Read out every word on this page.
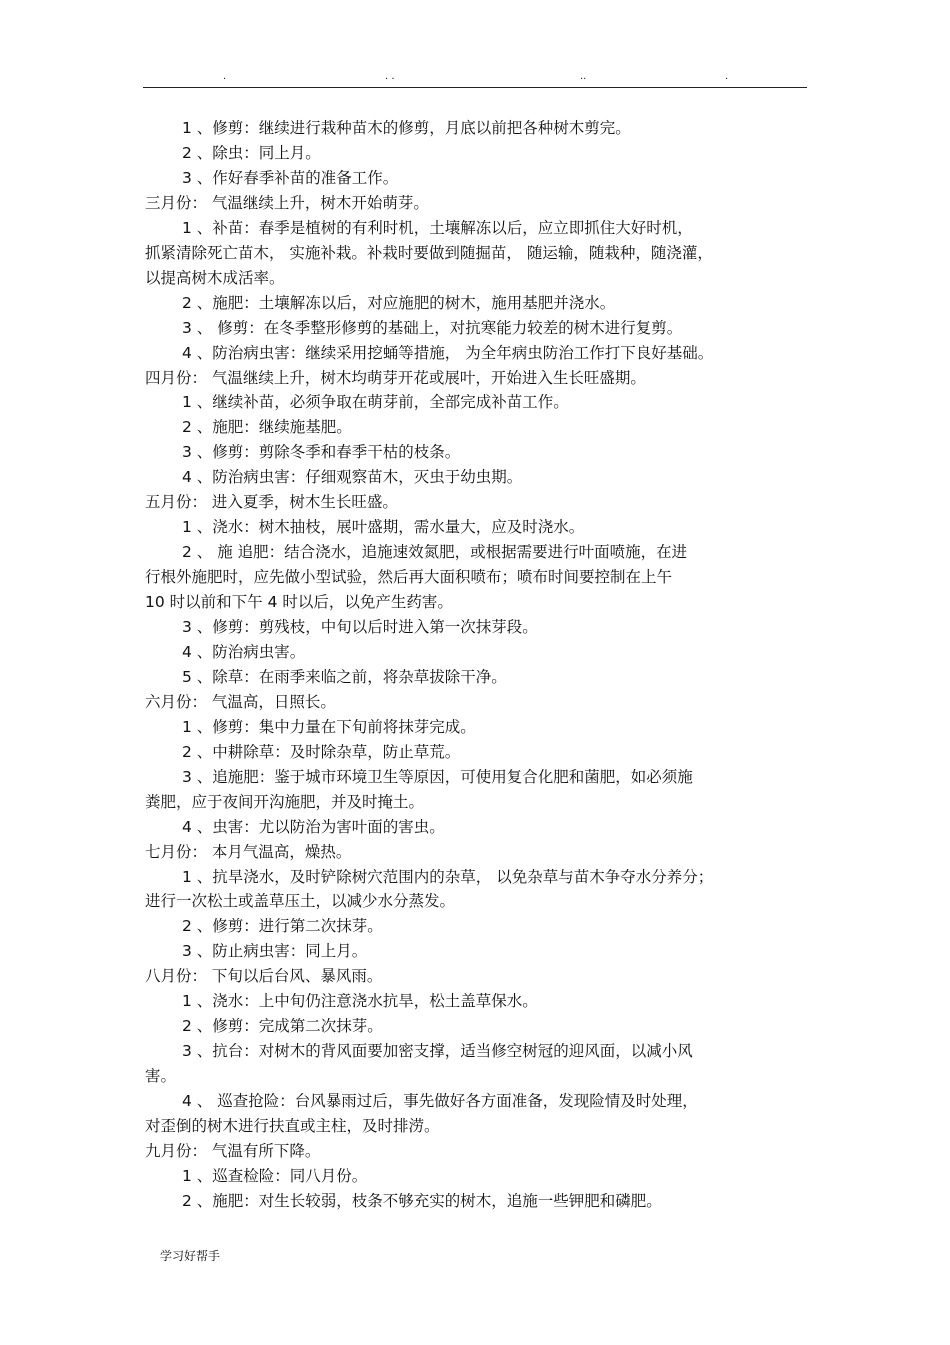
.	. .	..	.
1 、修剪：继续进行栽种苗木的修剪，月底以前把各种树木剪完。
2 、除虫：同上月。
3 、作好春季补苗的准备工作。
三月份： 气温继续上升，树木开始萌芽。
1 、补苗：春季是植树的有利时机，土壤解冻以后，应立即抓住大好时机，
抓紧清除死亡苗木， 实施补栽。补栽时要做到随掘苗， 随运输，随栽种，随浇灌，
以提高树木成活率。
2 、施肥：土壤解冻以后，对应施肥的树木，施用基肥并浇水。
3 、 修剪：在冬季整形修剪的基础上，对抗寒能力较差的树木进行复剪。
4 、防治病虫害：继续采用挖蛹等措施， 为全年病虫防治工作打下良好基础。
四月份： 气温继续上升，树木均萌芽开花或展叶，开始进入生长旺盛期。
1 、继续补苗，必须争取在萌芽前，全部完成补苗工作。
2 、施肥：继续施基肥。
3 、修剪：剪除冬季和春季干枯的枝条。
4 、防治病虫害：仔细观察苗木，灭虫于幼虫期。
五月份： 进入夏季，树木生长旺盛。
1 、浇水：树木抽枝，展叶盛期，需水量大，应及时浇水。
2 、 施 追肥：结合浇水，追施速效氮肥，或根据需要进行叶面喷施，在进
行根外施肥时，应先做小型试验，然后再大面积喷布；喷布时间要控制在上午
10 时以前和下午 4 时以后，以免产生药害。
3 、修剪：剪残枝，中旬以后时进入第一次抹芽段。
4 、防治病虫害。
5 、除草：在雨季来临之前，将杂草拔除干净。
六月份： 气温高，日照长。
1 、修剪：集中力量在下旬前将抹芽完成。
2 、中耕除草：及时除杂草，防止草荒。
3 、追施肥：鉴于城市环境卫生等原因，可使用复合化肥和菌肥，如必须施
粪肥，应于夜间开沟施肥，并及时掩土。
4 、虫害：尤以防治为害叶面的害虫。
七月份： 本月气温高，燥热。
1 、抗旱浇水，及时铲除树穴范围内的杂草， 以免杂草与苗木争夺水分养分；
进行一次松土或盖草压土，以减少水分蒸发。
2 、修剪：进行第二次抹芽。
3 、防止病虫害：同上月。
八月份： 下旬以后台风、暴风雨。
1 、浇水：上中旬仍注意浇水抗旱，松土盖草保水。
2 、修剪：完成第二次抹芽。
3 、抗台：对树木的背风面要加密支撑，适当修空树冠的迎风面，以减小风
害。
4 、 巡查抢险：台风暴雨过后，事先做好各方面准备，发现险情及时处理，
对歪倒的树木进行扶直或主柱，及时排涝。
九月份： 气温有所下降。
1 、巡查检险：同八月份。
2 、施肥：对生长较弱，枝条不够充实的树木，追施一些钾肥和磷肥。
学习好帮手
